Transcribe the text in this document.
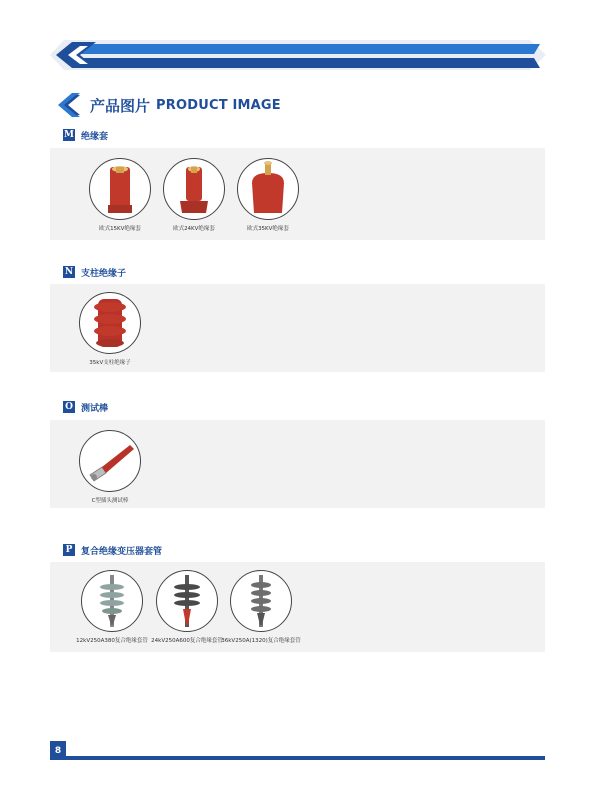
产品图片 PRODUCT IMAGE
M 绝缘套
欧式15KV绝缘套	欧式24KV绝缘套	欧式35KV绝缘套
N 支柱绝缘子
35kV支柱绝缘子
O 测试棒
C型插头测试棒
P 复合绝缘变压器套管
12kV250A380复合绝缘套管 24kV250A600复合绝缘套管
36kV250A(1320)复合绝缘套管
8
